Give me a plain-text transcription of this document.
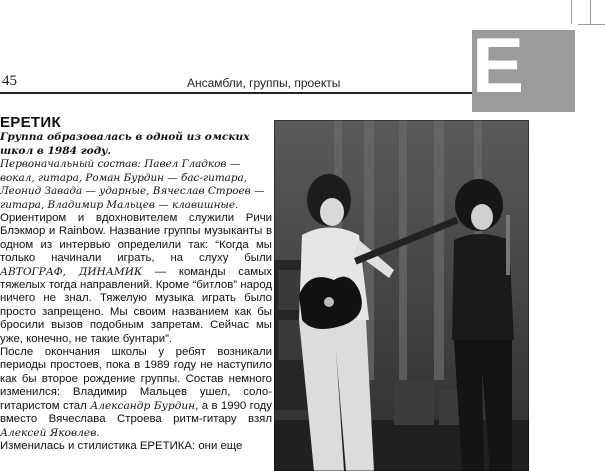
45	Ансамбли, группы, проекты Е
ЕРЕТИК
Группа образовалась в одной из омских школ в 1984 году.
Первоначальный состав: Павел Гладков — вокал, гитара, Роман Бурдин — бас-гитара, Леонид Завада — ударные, Вячеслав Строев — гитара, Владимир Мальцев — клавишные.
Ориентиром и вдохновителем служили Ричи Блэкмор и Rainbow. Название группы музыканты в одном из интервью определили так: “Когда мы только начинали играть, на слуху были АВТОГРАФ, ДИНАМИК — команды самых тяжелых тогда направлений. Кроме “битлов” народ ничего не знал. Тяжелую музыка играть было просто запрещено. Мы своим названием как бы бросили вызов подобным запретам. Сейчас мы уже, конечно, не такие бунтари”.
После окончания школы у ребят возникали периоды простоев, пока в 1989 году не наступило как бы второе рождение группы. Состав немного изменился: Владимир Мальцев ушел, соло-гитаристом стал Александр Бурдин, а в 1990 году вместо Вячеслава Строева ритм-гитару взял Алексей Яковлев.
Изменилась и стилистика ЕРЕТИКА: они еще
